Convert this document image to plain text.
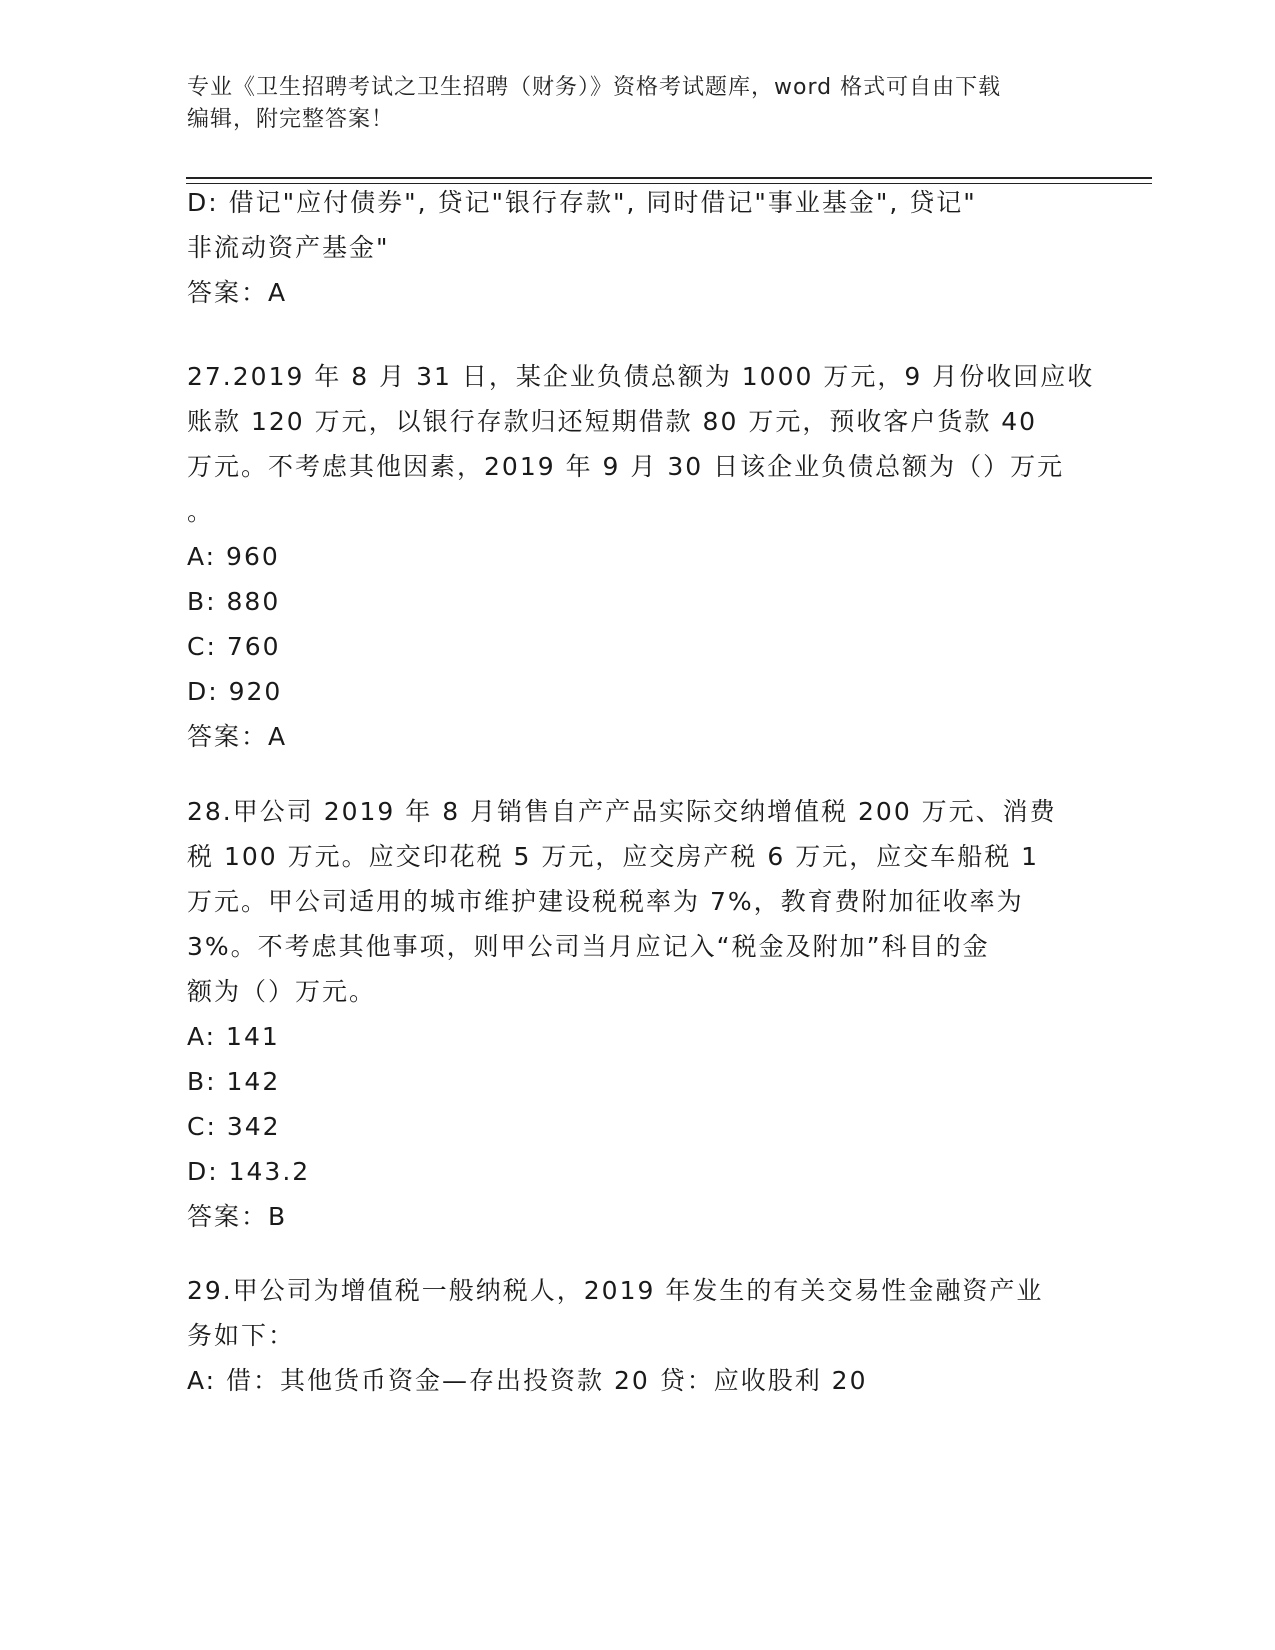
专业《卫生招聘考试之卫生招聘（财务）》资格考试题库，word 格式可自由下载
编辑，附完整答案！
D: 借记"应付债券", 贷记"银行存款", 同时借记"事业基金", 贷记"
非流动资产基金"
答案：A
27.2019 年 8 月 31 日，某企业负债总额为 1000 万元，9 月份收回应收
账款 120 万元，以银行存款归还短期借款 80 万元，预收客户货款 40
万元。不考虑其他因素，2019 年 9 月 30 日该企业负债总额为（）万元
。
A: 960
B: 880
C: 760
D: 920
答案：A
28.甲公司 2019 年 8 月销售自产产品实际交纳增值税 200 万元、消费
税 100 万元。应交印花税 5 万元，应交房产税 6 万元，应交车船税 1
万元。甲公司适用的城市维护建设税税率为 7%，教育费附加征收率为
3%。不考虑其他事项，则甲公司当月应记入“税金及附加”科目的金
额为（）万元。
A: 141
B: 142
C: 342
D: 143.2
答案：B
29.甲公司为增值税一般纳税人，2019 年发生的有关交易性金融资产业
务如下：
A: 借：其他货币资金—存出投资款 20 贷：应收股利 20
